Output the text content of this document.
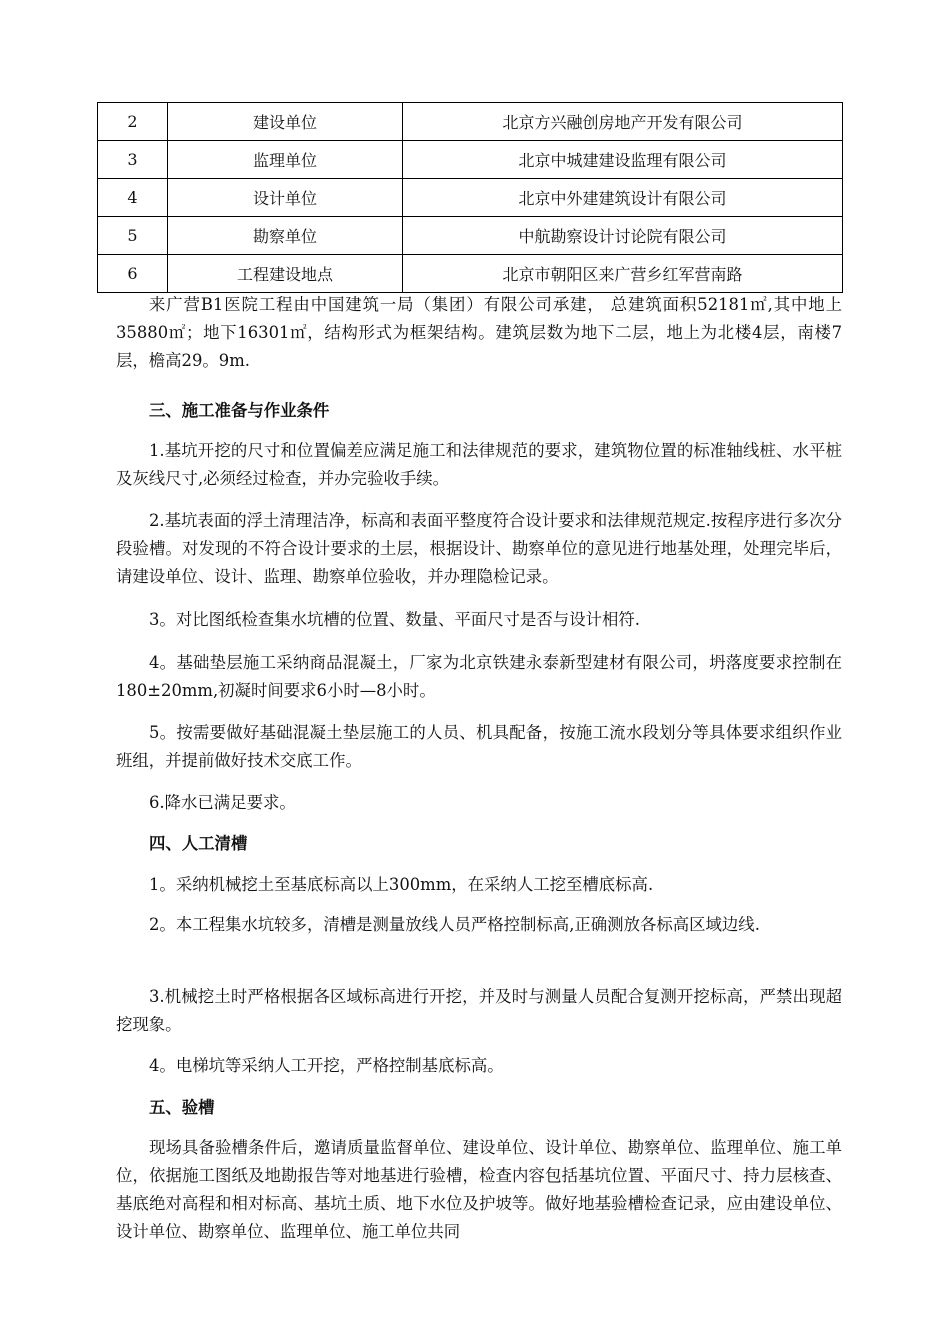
2	建设单位	北京方兴融创房地产开发有限公司
3	监理单位	北京中城建建设监理有限公司
4	设计单位	北京中外建建筑设计有限公司
5	勘察单位	中航勘察设计讨论院有限公司
6	工程建设地点	北京市朝阳区来广营乡红军营南路

来广营B1医院工程由中国建筑一局（集团）有限公司承建， 总建筑面积52181㎡,其中地上35880㎡；地下16301㎡，结构形式为框架结构。建筑层数为地下二层，地上为北楼4层，南楼7层，檐高29。9m.

三、施工准备与作业条件

1.基坑开挖的尺寸和位置偏差应满足施工和法律规范的要求，建筑物位置的标准轴线桩、水平桩及灰线尺寸,必须经过检查，并办完验收手续。

2.基坑表面的浮土清理洁净，标高和表面平整度符合设计要求和法律规范规定.按程序进行多次分段验槽。对发现的不符合设计要求的土层，根据设计、勘察单位的意见进行地基处理，处理完毕后，请建设单位、设计、监理、勘察单位验收，并办理隐检记录。

3。对比图纸检查集水坑槽的位置、数量、平面尺寸是否与设计相符.

4。基础垫层施工采纳商品混凝土，厂家为北京铁建永泰新型建材有限公司，坍落度要求控制在180±20mm,初凝时间要求6小时—8小时。

5。按需要做好基础混凝土垫层施工的人员、机具配备，按施工流水段划分等具体要求组织作业班组，并提前做好技术交底工作。

6.降水已满足要求。

四、人工清槽

1。采纳机械挖土至基底标高以上300mm，在采纳人工挖至槽底标高.

2。本工程集水坑较多，清槽是测量放线人员严格控制标高,正确测放各标高区域边线.

3.机械挖土时严格根据各区域标高进行开挖，并及时与测量人员配合复测开挖标高，严禁出现超挖现象。

4。电梯坑等采纳人工开挖，严格控制基底标高。

五、验槽

现场具备验槽条件后，邀请质量监督单位、建设单位、设计单位、勘察单位、监理单位、施工单位，依据施工图纸及地勘报告等对地基进行验槽，检查内容包括基坑位置、平面尺寸、持力层核查、基底绝对高程和相对标高、基坑土质、地下水位及护坡等。做好地基验槽检查记录，应由建设单位、设计单位、勘察单位、监理单位、施工单位共同
